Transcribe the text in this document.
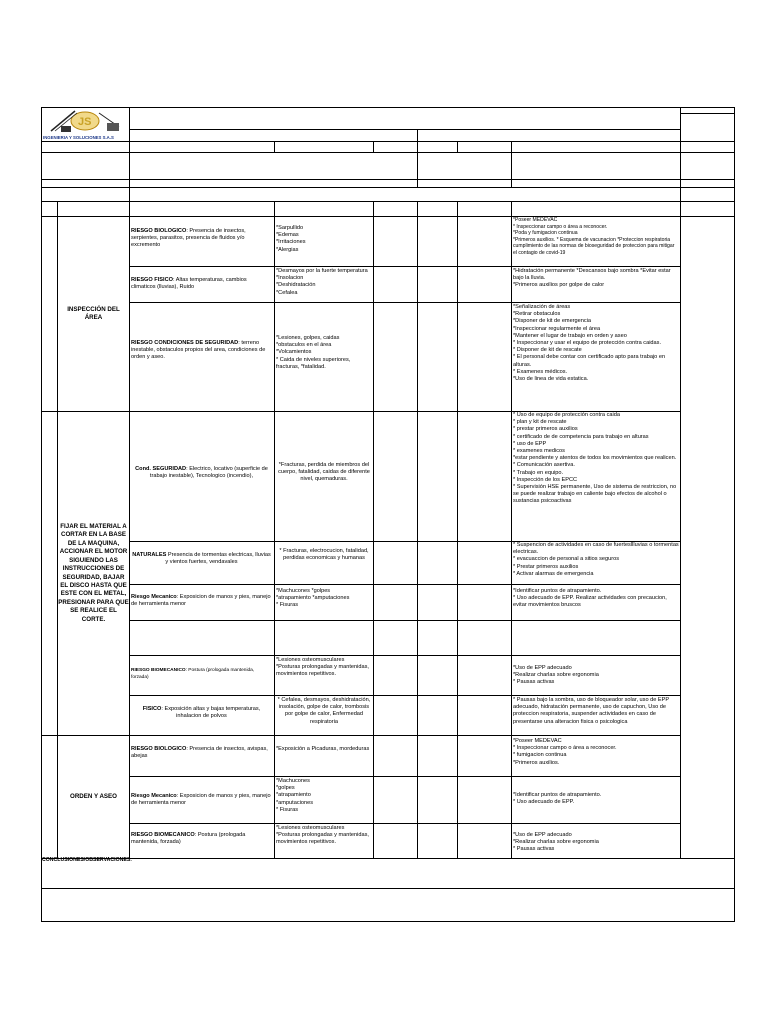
JS
INGENIERIA Y SOLUCIONES S.A.S
INSPECCIÓN DEL ÁREA
FIJAR EL MATERIAL A CORTAR EN LA BASE DE LA MAQUINA, ACCIONAR EL MOTOR SIGUIENDO LAS INSTRUCCIONES DE SEGURIDAD, BAJAR EL DISCO HASTA QUE ESTE CON EL METAL, PRESIONAR PARA QUE SE REALICE EL CORTE.
ORDEN Y ASEO
RIESGO BIOLOGICO: Presencia de insectos, serpientes, parasitos, presencia de fluidos y/o excremento
*Sarpullido
*Edemas
*Irritaciones
*Alergias
*Poseer MEDEVAC
* Inspeccionar campo o área a reconocer.
*Poda y fumigacion continua
*Primeros auxilios. * Esquema de vacunacion *Proteccion respiratoria cumplimiento de las normas de bioseguridad de proteccion para mitigar el contagio de covid-19
RIESGO FISICO: Altas temperaturas, cambios climaticos (lluvias), Ruido
*Desmayos por la fuerte temperatura *Insolacion
*Deshidratación
*Cefalea
*Hidratación permanente *Descansos bajo sombra *Evitar estar bajo la lluvia.
*Primeros auxilios por golpe de calor
RIESGO CONDICIONES DE SEGURIDAD: terreno inestable, obstaculos propios del area, condiciones de orden y aseo.
*Lesiones, golpes, caidas
*obstaculos en el área
*Volcamientos
* Caida de niveles superiores, fracturas, *fatalidad.
*Señalización de áreas
*Retirar obstaculos
*Disponer de kit de emergencia
*Inspeccionar regularmente el área
*Mantener el lugar de trabajo en orden y aseo
* Inspeccionar y usar el equipo de protección contra caidas.
* Disponer de kit de rescate
* El personal debe contar con certificado apto para trabajo en alturas.
* Examenes médicos.
*Uso de linea de vida estatica.
Cond. SEGURIDAD: Electrico, locativo (superficie de trabajo inestable), Tecnologico (incendio),
*Fracturas, perdida de miembros del cuerpo, fatalidad, caidas de diferente nivel, quemaduras.
* Uso de equipo de protección contra caida
* plan y kit de rescate
* prestar primeros auxilios
* certificado de de competencia para trabajo en alturas
* uso de EPP
* examenes medicos
*estar pendiente y atentos de todos los movimientos que realicen.
* Comunicación asertiva.
* Trabajo en equipo.
* Inspección de los EPCC
* Supervisión HSE permanente, Uso de sistema de restriccion, no se puede realizar trabajo en caliente bajo efectos de alcohol o sustancias psicoactivas
NATURALES Presencia de tormentas electricas, lluvias y vientos fuertes, vendavales
* Fracturas, electrocucion, fatalidad, perdidas economicas y humanas
* Suspencion de actividades en caso de fuertesllluvias o tormentas electricas.
* evacuaccion de personal a sitios seguros
* Prestar primeros auxilios
* Activar alarmas de emergencia
Riesgo Mecanico: Exposicion de manos y pies, manejo de herramienta menor
*Machucones *golpes
*atrapamiento *amputaciones
* Fisuras
*Identificar puntos de atrapamiento.
* Uso adecuado de EPP. Realizar actividades con precaucion, evitar movimientos bruscos
RIESGO BIOMECANICO: Postura (prologada mantenida, forzada)
*Lesiones osteomusculares
*Posturas prolongadas y mantenidas, movimientos repetitivos.
*Uso de EPP adecuado
*Realizar charlas sobre ergonomia
* Pausas activas
FISICO: Exposición altas y bajas temperaturas, inhalacion de polvos
* Cefalea, desmayos, deshidratación, insolación, golpe de calor, trombosis por golpe de calor, Enfermedad respiratoria
* Pausas bajo la sombra, uso de bloqueador solar, uso de EPP adecuado, hidratación permanente, uso de capuchon, Uso de proteccion respiratoria, suspender actividades en caso de presentarse una alteracion fisica o psicologica
RIESGO BIOLOGICO: Presencia de insectos, avispas, abejas
*Exposición a Picaduras, mordeduras
*Poseer MEDEVAC
* Inspeccionar campo o área a reconocer.
* fumigacion continua
*Primeros auxilios.
Riesgo Mecanico: Exposicion de manos y pies, manejo de herramienta menor
*Machucones
*golpes
*atrapamiento
*amputaciones
* Fisuras
*Identificar puntos de atrapamiento.
* Uso adecuado de EPP.
RIESGO BIOMECANICO: Postura (prologada mantenida, forzada)
*Lesiones osteomusculares
*Posturas prolongadas y mantenidas, movimientos repetitivos.
*Uso de EPP adecuado
*Realizar charlas sobre ergonomia
* Pausas activas
CONCLUSIONES/OBSERVACIONES:
